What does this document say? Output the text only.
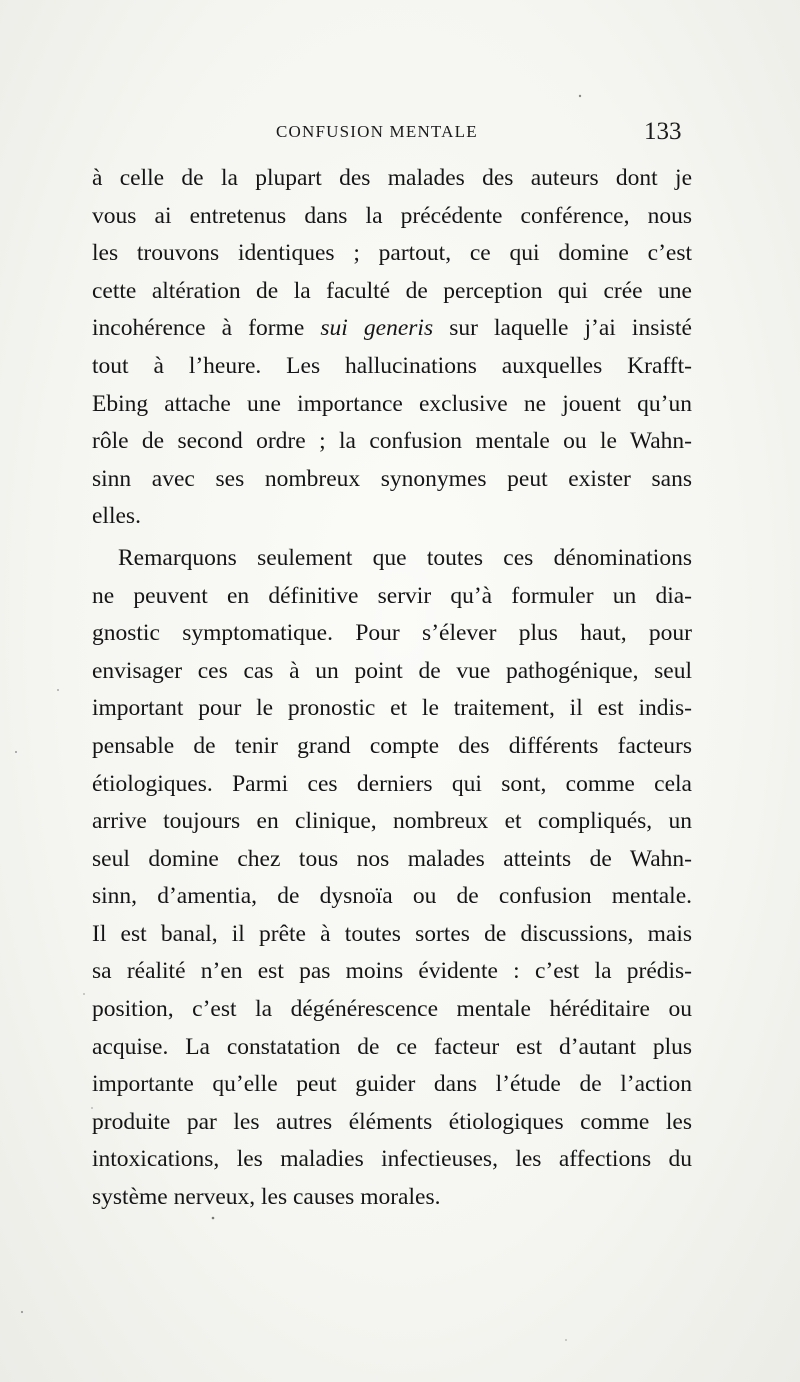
CONFUSION MENTALE	133
à celle de la plupart des malades des auteurs dont je
vous ai entretenus dans la précédente conférence, nous
les trouvons identiques ; partout, ce qui domine c’est
cette altération de la faculté de perception qui crée une
incohérence à forme sui generis sur laquelle j’ai insisté
tout à l’heure. Les hallucinations auxquelles Krafft-
Ebing attache une importance exclusive ne jouent qu’un
rôle de second ordre ; la confusion mentale ou le Wahn-
sinn avec ses nombreux synonymes peut exister sans
elles.
Remarquons seulement que toutes ces dénominations
ne peuvent en définitive servir qu’à formuler un dia-
gnostic symptomatique. Pour s’élever plus haut, pour
envisager ces cas à un point de vue pathogénique, seul
important pour le pronostic et le traitement, il est indis-
pensable de tenir grand compte des différents facteurs
étiologiques. Parmi ces derniers qui sont, comme cela
arrive toujours en clinique, nombreux et compliqués, un
seul domine chez tous nos malades atteints de Wahn-
sinn, d’amentia, de dysnoïa ou de confusion mentale.
Il est banal, il prête à toutes sortes de discussions, mais
sa réalité n’en est pas moins évidente : c’est la prédis-
position, c’est la dégénérescence mentale héréditaire ou
acquise. La constatation de ce facteur est d’autant plus
importante qu’elle peut guider dans l’étude de l’action
produite par les autres éléments étiologiques comme les
intoxications, les maladies infectieuses, les affections du
système nerveux, les causes morales.
